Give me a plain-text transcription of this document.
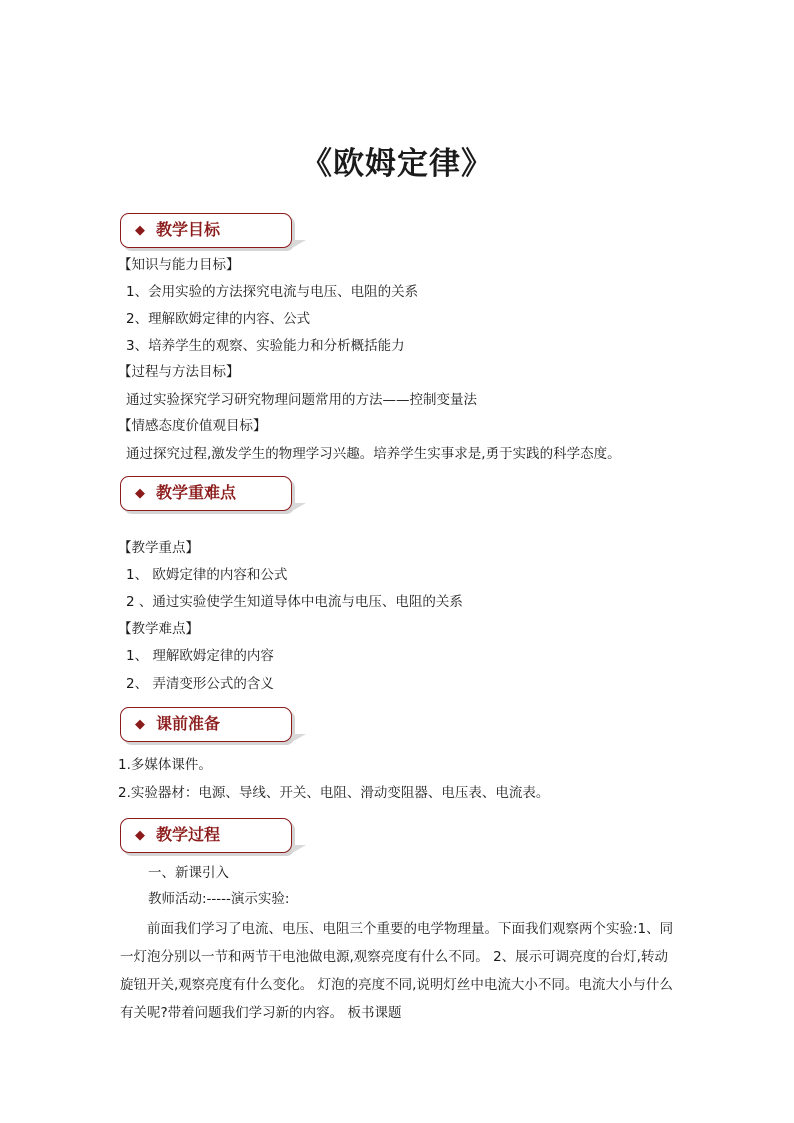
《欧姆定律》
◆ 教学目标
【知识与能力目标】
1、会用实验的方法探究电流与电压、电阻的关系
2、理解欧姆定律的内容、公式
3、培养学生的观察、实验能力和分析概括能力
【过程与方法目标】
通过实验探究学习研究物理问题常用的方法——控制变量法
【情感态度价值观目标】
通过探究过程,激发学生的物理学习兴趣。培养学生实事求是,勇于实践的科学态度。
◆ 教学重难点
【教学重点】
1、 欧姆定律的内容和公式
2 、通过实验使学生知道导体中电流与电压、电阻的关系
【教学难点】
1、 理解欧姆定律的内容
2、 弄清变形公式的含义
◆ 课前准备
1.多媒体课件。
2.实验器材：电源、导线、开关、电阻、滑动变阻器、电压表、电流表。
◆ 教学过程
一、新课引入
教师活动:-----演示实验:
前面我们学习了电流、电压、电阻三个重要的电学物理量。下面我们观察两个实验:1、同一灯泡分别以一节和两节干电池做电源,观察亮度有什么不同。 2、展示可调亮度的台灯,转动旋钮开关,观察亮度有什么变化。 灯泡的亮度不同,说明灯丝中电流大小不同。电流大小与什么有关呢?带着问题我们学习新的内容。 板书课题
